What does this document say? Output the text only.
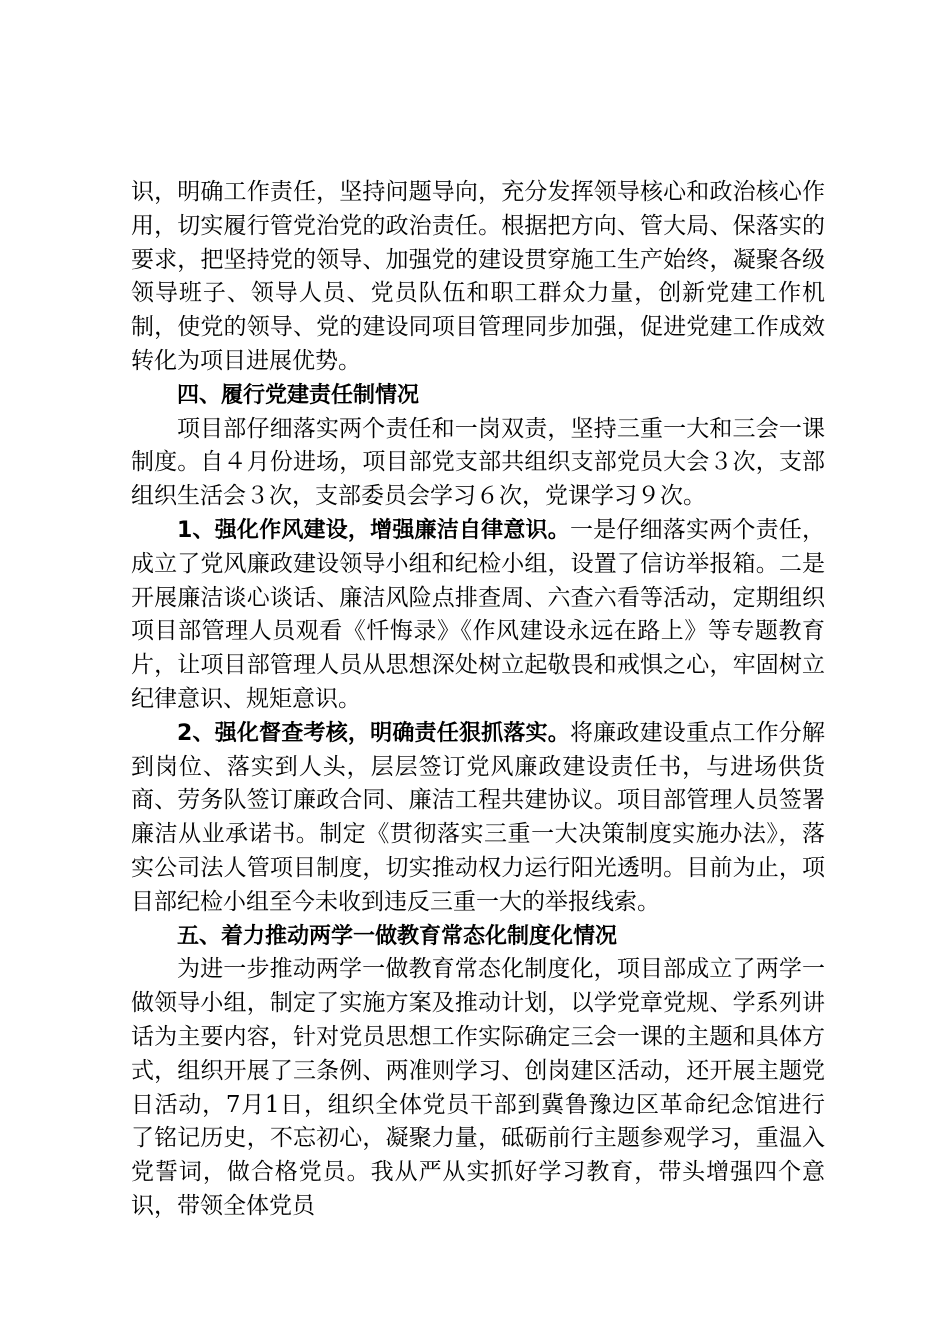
识，明确工作责任，坚持问题导向，充分发挥领导核心和政治核心作用，切实履行管党治党的政治责任。根据把方向、管大局、保落实的要求，把坚持党的领导、加强党的建设贯穿施工生产始终，凝聚各级领导班子、领导人员、党员队伍和职工群众力量，创新党建工作机制，使党的领导、党的建设同项目管理同步加强，促进党建工作成效转化为项目进展优势。

四、履行党建责任制情况

项目部仔细落实两个责任和一岗双责，坚持三重一大和三会一课制度。自４月份进场，项目部党支部共组织支部党员大会３次，支部组织生活会３次，支部委员会学习６次，党课学习９次。

1、强化作风建设，增强廉洁自律意识。一是仔细落实两个责任，成立了党风廉政建设领导小组和纪检小组，设置了信访举报箱。二是开展廉洁谈心谈话、廉洁风险点排查周、六查六看等活动，定期组织项目部管理人员观看《忏悔录》《作风建设永远在路上》等专题教育片，让项目部管理人员从思想深处树立起敬畏和戒惧之心，牢固树立纪律意识、规矩意识。

2、强化督查考核，明确责任狠抓落实。将廉政建设重点工作分解到岗位、落实到人头，层层签订党风廉政建设责任书，与进场供货商、劳务队签订廉政合同、廉洁工程共建协议。项目部管理人员签署廉洁从业承诺书。制定《贯彻落实三重一大决策制度实施办法》，落实公司法人管项目制度，切实推动权力运行阳光透明。目前为止，项目部纪检小组至今未收到违反三重一大的举报线索。

五、着力推动两学一做教育常态化制度化情况

为进一步推动两学一做教育常态化制度化，项目部成立了两学一做领导小组，制定了实施方案及推动计划，以学党章党规、学系列讲话为主要内容，针对党员思想工作实际确定三会一课的主题和具体方式，组织开展了三条例、两准则学习、创岗建区活动，还开展主题党日活动，7月1日，组织全体党员干部到冀鲁豫边区革命纪念馆进行了铭记历史，不忘初心，凝聚力量，砥砺前行主题参观学习，重温入党誓词，做合格党员。我从严从实抓好学习教育，带头增强四个意识，带领全体党员
